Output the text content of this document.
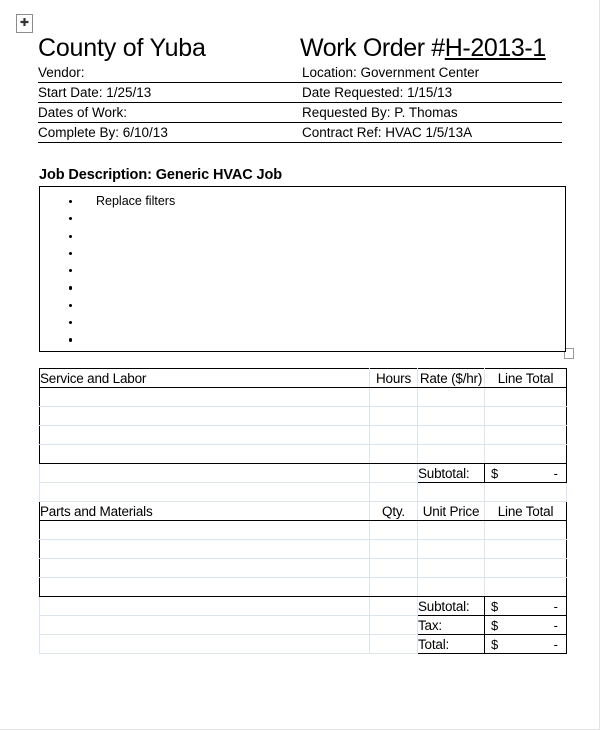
✚
County of Yuba	Work Order #H-2013-1
Vendor:	Location: Government Center
Start Date: 1/25/13	Date Requested: 1/15/13
Dates of Work:	Requested By: P. Thomas
Complete By: 6/10/13	Contract Ref: HVAC 1/5/13A
Job Description: Generic HVAC Job
Replace filters
Service and Labor	Hours	Rate ($/hr)	Line Total

		Subtotal:	$ -

Parts and Materials	Qty.	Unit Price	Line Total

		Subtotal:	$ -

		Tax:	$ -

		Total:	$ -
